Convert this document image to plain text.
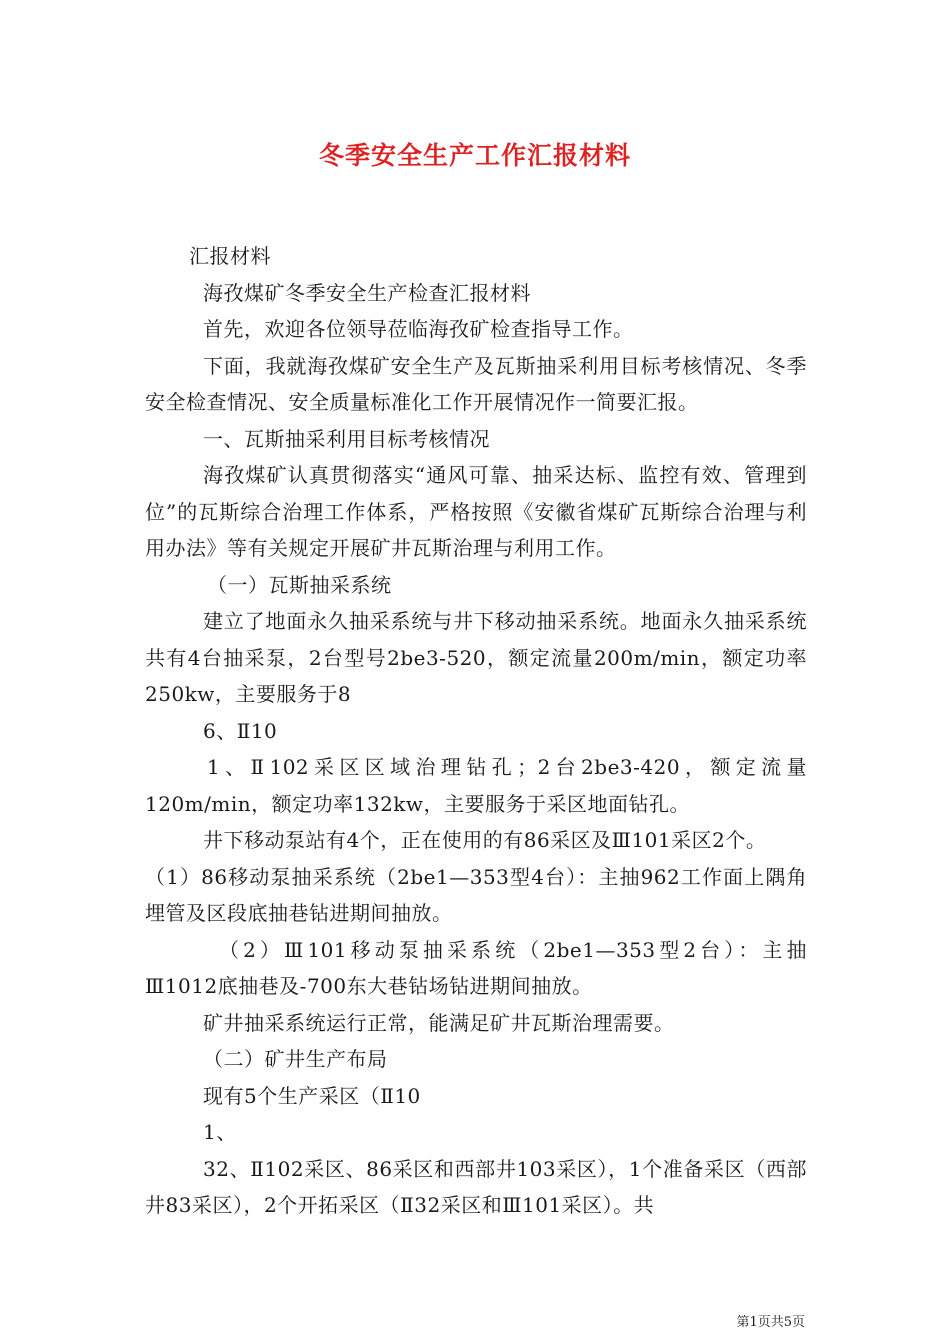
冬季安全生产工作汇报材料

汇报材料

海孜煤矿冬季安全生产检查汇报材料

首先，欢迎各位领导莅临海孜矿检查指导工作。

下面，我就海孜煤矿安全生产及瓦斯抽采利用目标考核情况、冬季安全检查情况、安全质量标准化工作开展情况作一简要汇报。

一、瓦斯抽采利用目标考核情况

海孜煤矿认真贯彻落实“通风可靠、抽采达标、监控有效、管理到位”的瓦斯综合治理工作体系，严格按照《安徽省煤矿瓦斯综合治理与利用办法》等有关规定开展矿井瓦斯治理与利用工作。

（一）瓦斯抽采系统

建立了地面永久抽采系统与井下移动抽采系统。地面永久抽采系统共有4台抽采泵，2台型号2be3-520，额定流量200m/min，额定功率250kw，主要服务于8

6、Ⅱ10

1、Ⅱ102采区区域治理钻孔；2台2be3-420，额定流量120m/min，额定功率132kw，主要服务于采区地面钻孔。

井下移动泵站有4个，正在使用的有86采区及Ⅲ101采区2个。

（1）86移动泵抽采系统（2be1—353型4台）：主抽962工作面上隅角埋管及区段底抽巷钻进期间抽放。

（2）Ⅲ101移动泵抽采系统（2be1—353型2台）：主抽Ⅲ1012底抽巷及-700东大巷钻场钻进期间抽放。

矿井抽采系统运行正常，能满足矿井瓦斯治理需要。

（二）矿井生产布局

现有5个生产采区（Ⅱ10

1、

32、Ⅱ102采区、86采区和西部井103采区），1个准备采区（西部井83采区），2个开拓采区（Ⅱ32采区和Ⅲ101采区）。共

第1页共5页
